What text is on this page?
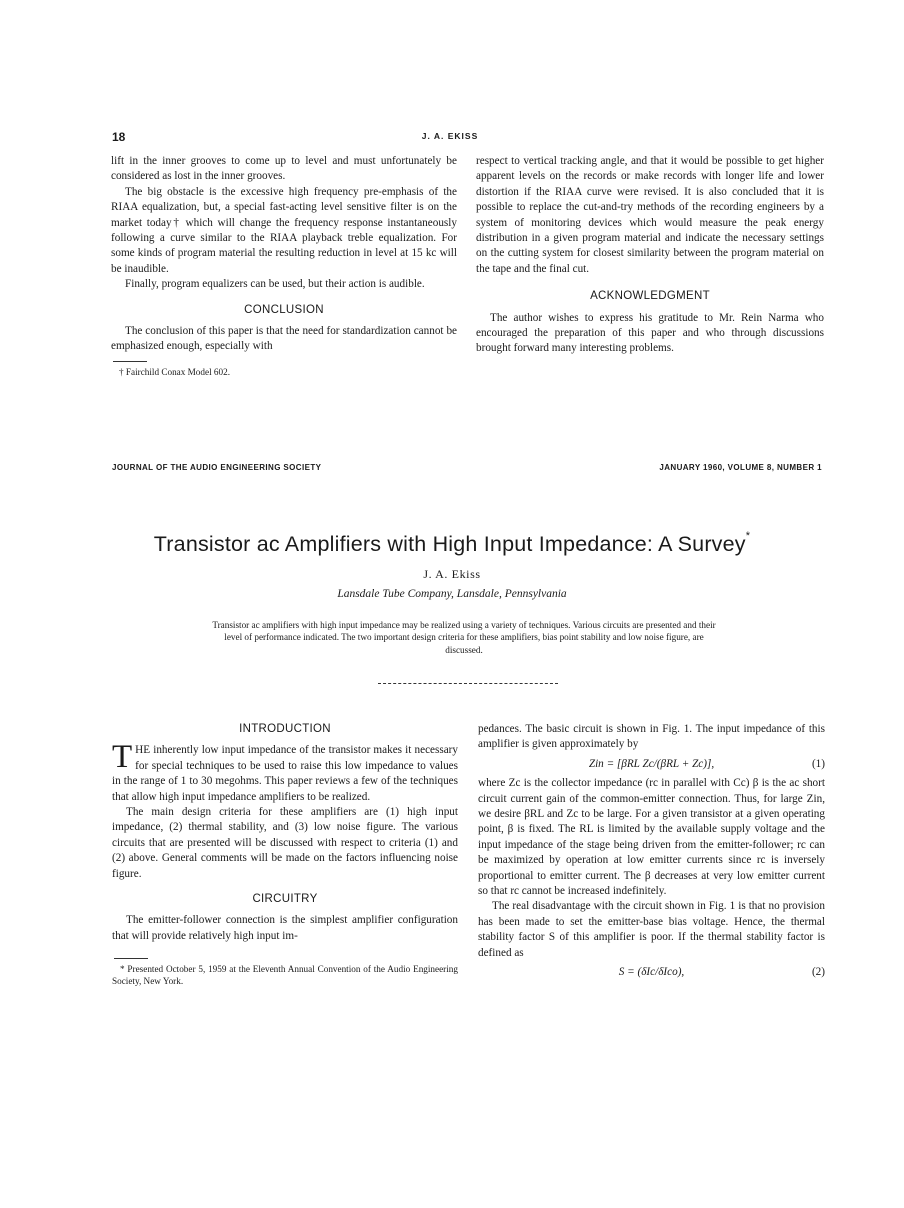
18	J. A. EKISS

lift in the inner grooves to come up to level and must unfortunately be considered as lost in the inner grooves.

The big obstacle is the excessive high frequency pre-emphasis of the RIAA equalization, but, a special fast-acting level sensitive filter is on the market today† which will change the frequency response instantaneously following a curve similar to the RIAA playback treble equalization. For some kinds of program material the resulting reduction in level at 15 kc will be inaudible.

Finally, program equalizers can be used, but their action is audible.

CONCLUSION

The conclusion of this paper is that the need for standardization cannot be emphasized enough, especially with

† Fairchild Conax Model 602.

respect to vertical tracking angle, and that it would be possible to get higher apparent levels on the records or make records with longer life and lower distortion if the RIAA curve were revised. It is also concluded that it is possible to replace the cut-and-try methods of the recording engineers by a system of monitoring devices which would measure the peak energy distribution in a given program material and indicate the necessary settings on the cutting system for closest similarity between the program material on the tape and the final cut.

ACKNOWLEDGMENT

The author wishes to express his gratitude to Mr. Rein Narma who encouraged the preparation of this paper and who through discussions brought forward many interesting problems.

JOURNAL OF THE AUDIO ENGINEERING SOCIETY	JANUARY 1960, VOLUME 8, NUMBER 1
Transistor ac Amplifiers with High Input Impedance: A Survey*
J. A. Ekiss
Lansdale Tube Company, Lansdale, Pennsylvania
Transistor ac amplifiers with high input impedance may be realized using a variety of techniques. Various circuits are presented and their level of performance indicated. The two important design criteria for these amplifiers, bias point stability and low noise figure, are discussed.
INTRODUCTION

THE inherently low input impedance of the transistor makes it necessary for special techniques to be used to raise this low impedance to values in the range of 1 to 30 megohms. This paper reviews a few of the techniques that allow high input impedance amplifiers to be realized.

The main design criteria for these amplifiers are (1) high input impedance, (2) thermal stability, and (3) low noise figure. The various circuits that are presented will be discussed with respect to criteria (1) and (2) above. General comments will be made on the factors influencing noise figure.

CIRCUITRY

The emitter-follower connection is the simplest amplifier configuration that will provide relatively high input im-

* Presented October 5, 1959 at the Eleventh Annual Convention of the Audio Engineering Society, New York.

pedances. The basic circuit is shown in Fig. 1. The input impedance of this amplifier is given approximately by

Zin = [βRL Zc/(βRL + Zc)],	(1)

where Zc is the collector impedance (rc in parallel with Cc) β is the ac short circuit current gain of the common-emitter connection. Thus, for large Zin, we desire βRL and Zc to be large. For a given transistor at a given operating point, β is fixed. The RL is limited by the available supply voltage and the input impedance of the stage being driven from the emitter-follower; rc can be maximized by operation at low emitter currents since rc is inversely proportional to emitter current. The β decreases at very low emitter current so that rc cannot be increased indefinitely.

The real disadvantage with the circuit shown in Fig. 1 is that no provision has been made to set the emitter-base bias voltage. Hence, the thermal stability factor S of this amplifier is poor. If the thermal stability factor is defined as

S = (δIc/δIco),	(2)
